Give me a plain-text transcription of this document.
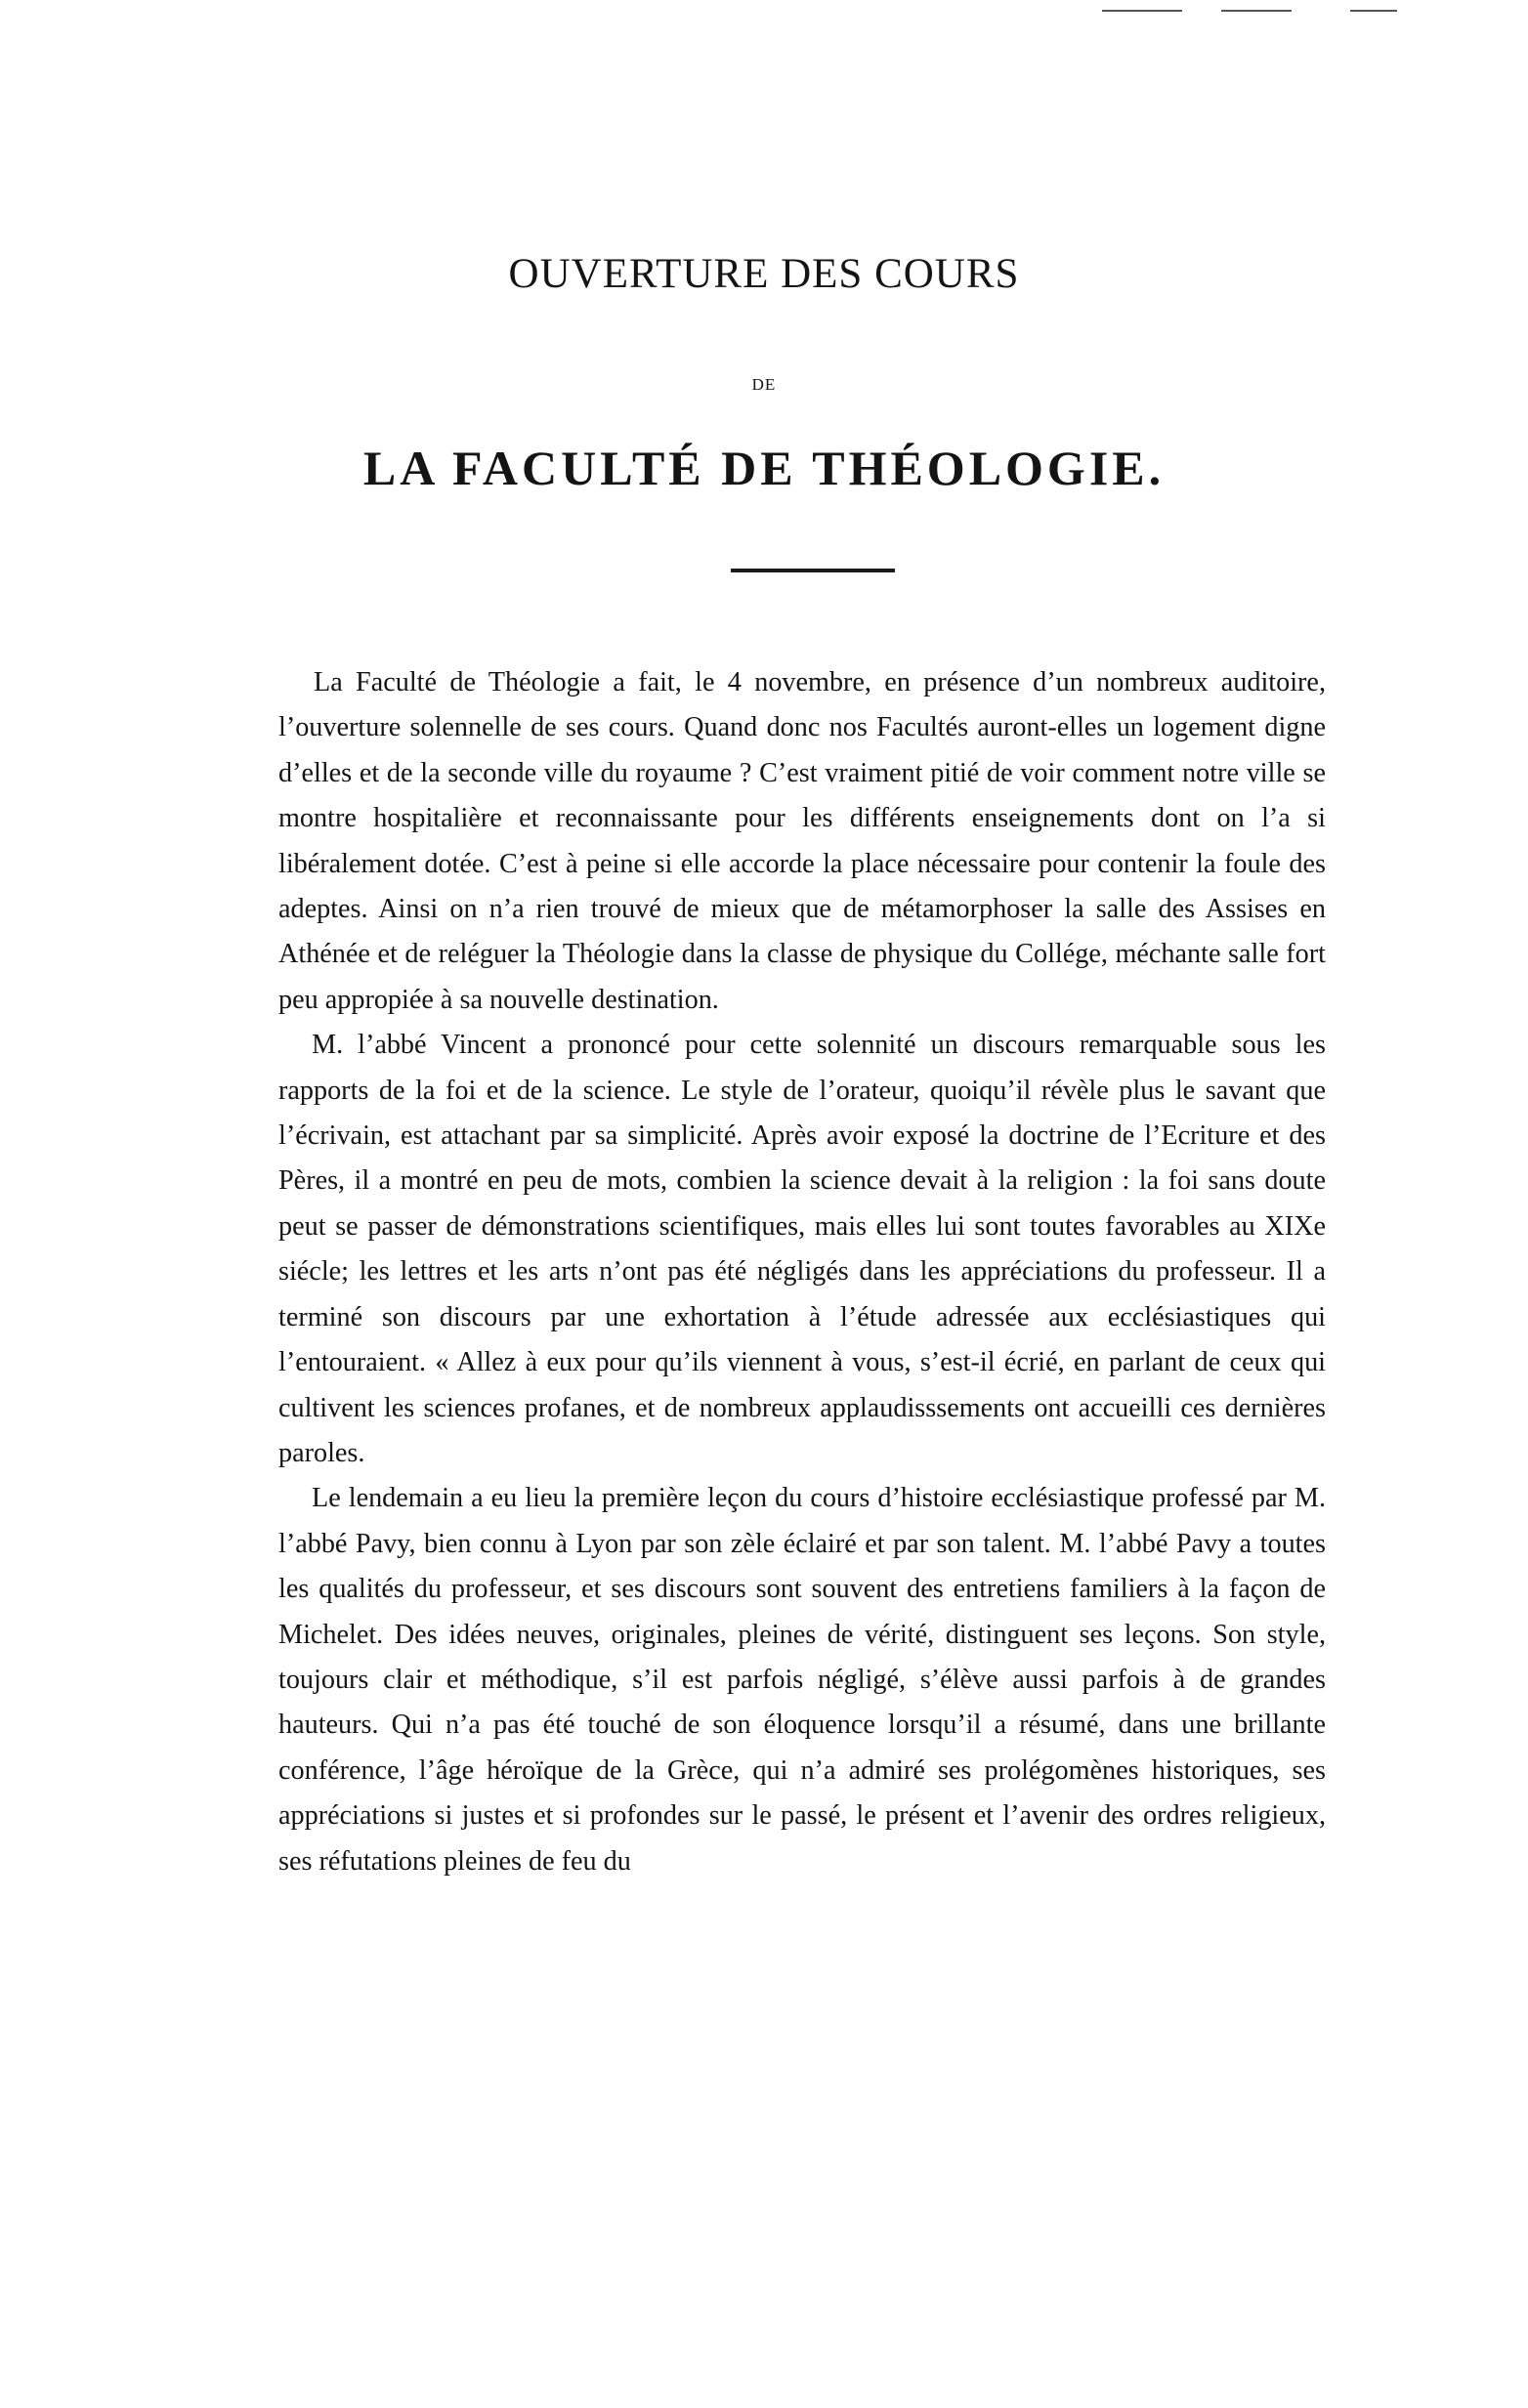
OUVERTURE DES COURS
DE
LA FACULTÉ DE THÉOLOGIE.

La Faculté de Théologie a fait, le 4 novembre, en présence d’un nombreux auditoire, l’ouverture solennelle de ses cours. Quand donc nos Facultés auront-elles un logement digne d’elles et de la seconde ville du royaume ? C’est vraiment pitié de voir comment notre ville se montre hospitalière et reconnaissante pour les différents enseignements dont on l’a si libéralement dotée. C’est à peine si elle accorde la place nécessaire pour contenir la foule des adeptes. Ainsi on n’a rien trouvé de mieux que de métamorphoser la salle des Assises en Athénée et de reléguer la Théologie dans la classe de physique du Collége, méchante salle fort peu appropiée à sa nouvelle destination.

M. l’abbé Vincent a prononcé pour cette solennité un discours remarquable sous les rapports de la foi et de la science. Le style de l’orateur, quoiqu’il révèle plus le savant que l’écrivain, est attachant par sa simplicité. Après avoir exposé la doctrine de l’Ecriture et des Pères, il a montré en peu de mots, combien la science devait à la religion : la foi sans doute peut se passer de démonstrations scientifiques, mais elles lui sont toutes favorables au XIXe siécle; les lettres et les arts n’ont pas été négligés dans les appréciations du professeur. Il a terminé son discours par une exhortation à l’étude adressée aux ecclésiastiques qui l’entouraient. « Allez à eux pour qu’ils viennent à vous, s’est-il écrié, en parlant de ceux qui cultivent les sciences profanes, et de nombreux applaudisssements ont accueilli ces dernières paroles.

Le lendemain a eu lieu la première leçon du cours d’histoire ecclésiastique professé par M. l’abbé Pavy, bien connu à Lyon par son zèle éclairé et par son talent. M. l’abbé Pavy a toutes les qualités du professeur, et ses discours sont souvent des entretiens familiers à la façon de Michelet. Des idées neuves, originales, pleines de vérité, distinguent ses leçons. Son style, toujours clair et méthodique, s’il est parfois négligé, s’élève aussi parfois à de grandes hauteurs. Qui n’a pas été touché de son éloquence lorsqu’il a résumé, dans une brillante conférence, l’âge héroïque de la Grèce, qui n’a admiré ses prolégomènes historiques, ses appréciations si justes et si profondes sur le passé, le présent et l’avenir des ordres religieux, ses réfutations pleines de feu du
